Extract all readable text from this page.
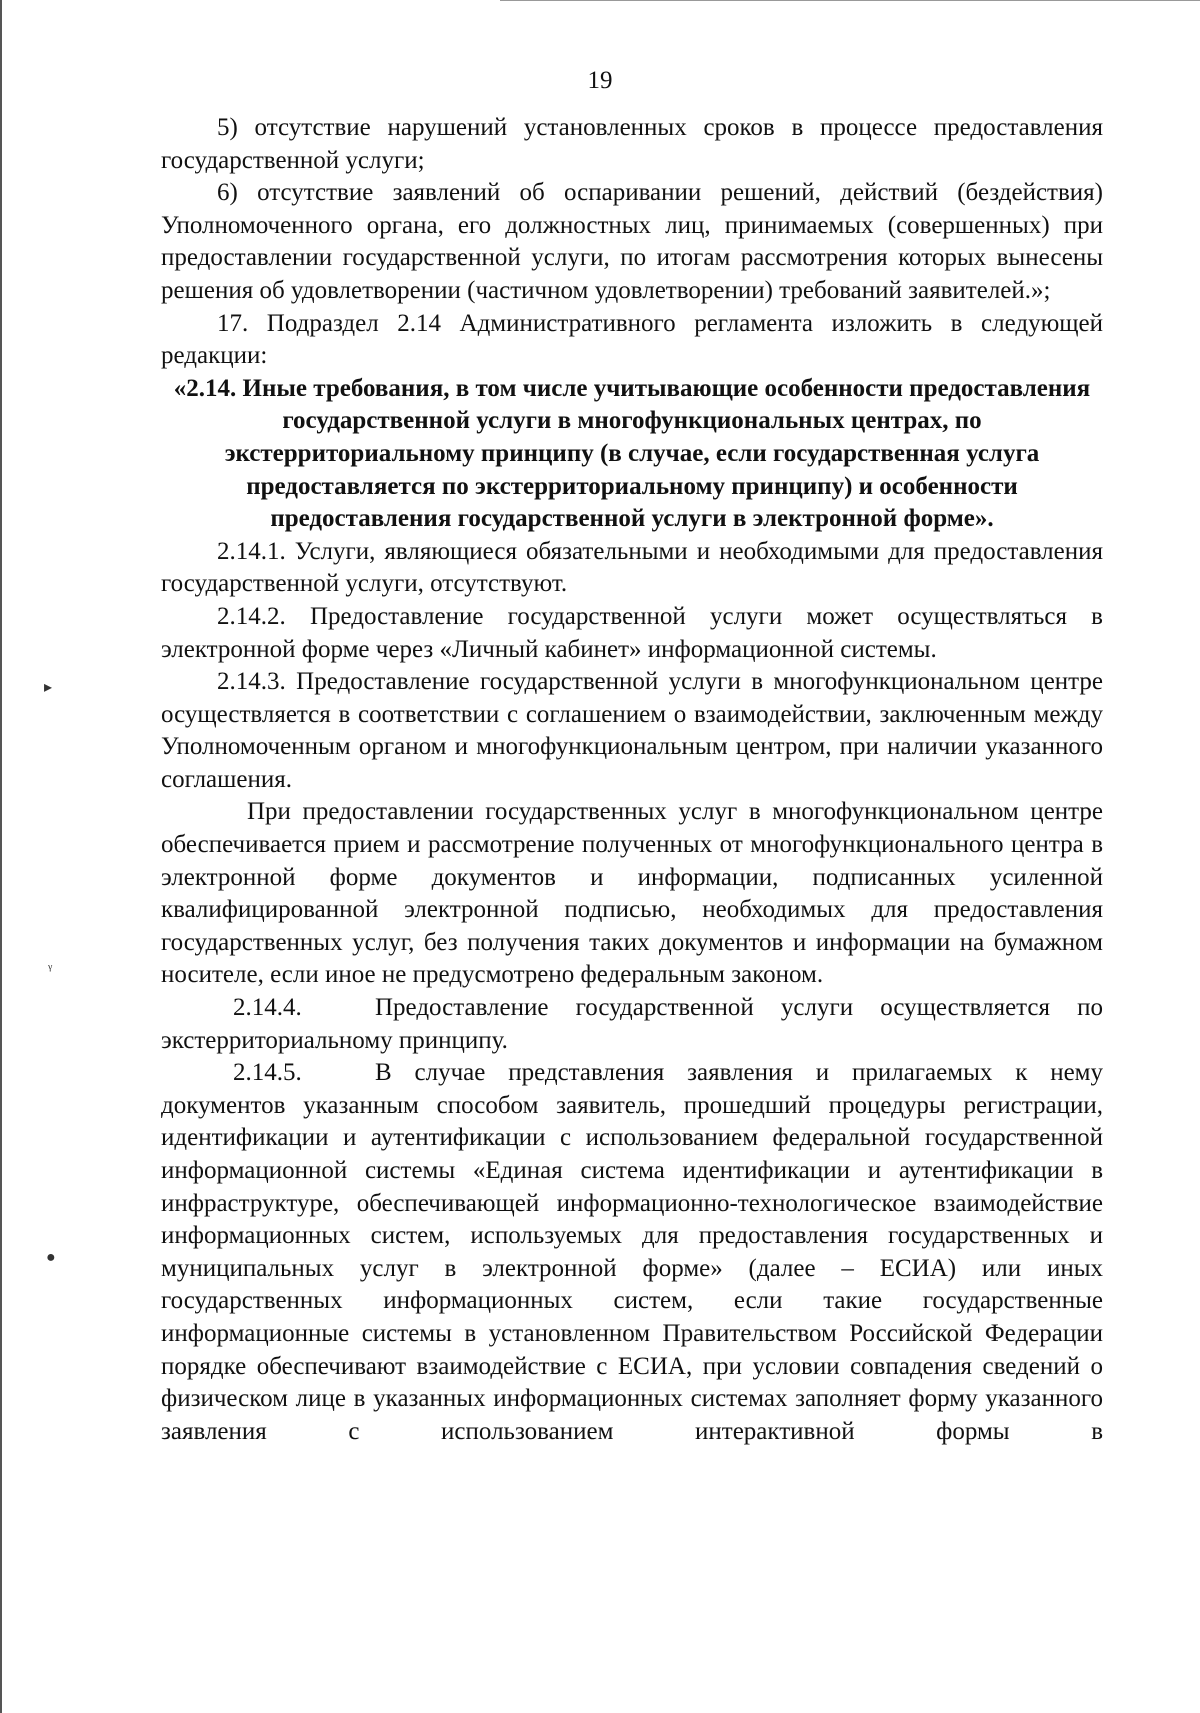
▸
ᵞ
●
19

5) отсутствие нарушений установленных сроков в процессе предоставления государственной услуги;

6) отсутствие заявлений об оспаривании решений, действий (бездействия) Уполномоченного органа, его должностных лиц, принимаемых (совершенных) при предоставлении государственной услуги, по итогам рассмотрения которых вынесены решения об удовлетворении (частичном удовлетворении) требований заявителей.»;

17. Подраздел 2.14 Административного регламента изложить в следующей редакции:

«2.14. Иные требования, в том числе учитывающие особенности предоставления государственной услуги в многофункциональных центрах, по экстерриториальному принципу (в случае, если государственная услуга предоставляется по экстерриториальному принципу) и особенности предоставления государственной услуги в электронной форме».

2.14.1. Услуги, являющиеся обязательными и необходимыми для предоставления государственной услуги, отсутствуют.

2.14.2. Предоставление государственной услуги может осуществляться в электронной форме через «Личный кабинет» информационной системы.

2.14.3. Предоставление государственной услуги в многофункциональном центре осуществляется в соответствии с соглашением о взаимодействии, заключенным между Уполномоченным органом и многофункциональным центром, при наличии указанного соглашения.

При предоставлении государственных услуг в многофункциональном центре обеспечивается прием и рассмотрение полученных от многофункционального центра в электронной форме документов и информации, подписанных усиленной квалифицированной электронной подписью, необходимых для предоставления государственных услуг, без получения таких документов и информации на бумажном носителе, если иное не предусмотрено федеральным законом.

2.14.4.	Предоставление государственной услуги осуществляется по экстерриториальному принципу.

2.14.5.	В случае представления заявления и прилагаемых к нему документов указанным способом заявитель, прошедший процедуры регистрации, идентификации и аутентификации с использованием федеральной государственной информационной системы «Единая система идентификации и аутентификации в инфраструктуре, обеспечивающей информационно-технологическое взаимодействие информационных систем, используемых для предоставления государственных и муниципальных услуг в электронной форме» (далее – ЕСИА) или иных государственных информационных систем, если такие государственные информационные системы в установленном Правительством Российской Федерации порядке обеспечивают взаимодействие с ЕСИА, при условии совпадения сведений о физическом лице в указанных информационных системах заполняет форму указанного заявления с использованием интерактивной формы в
